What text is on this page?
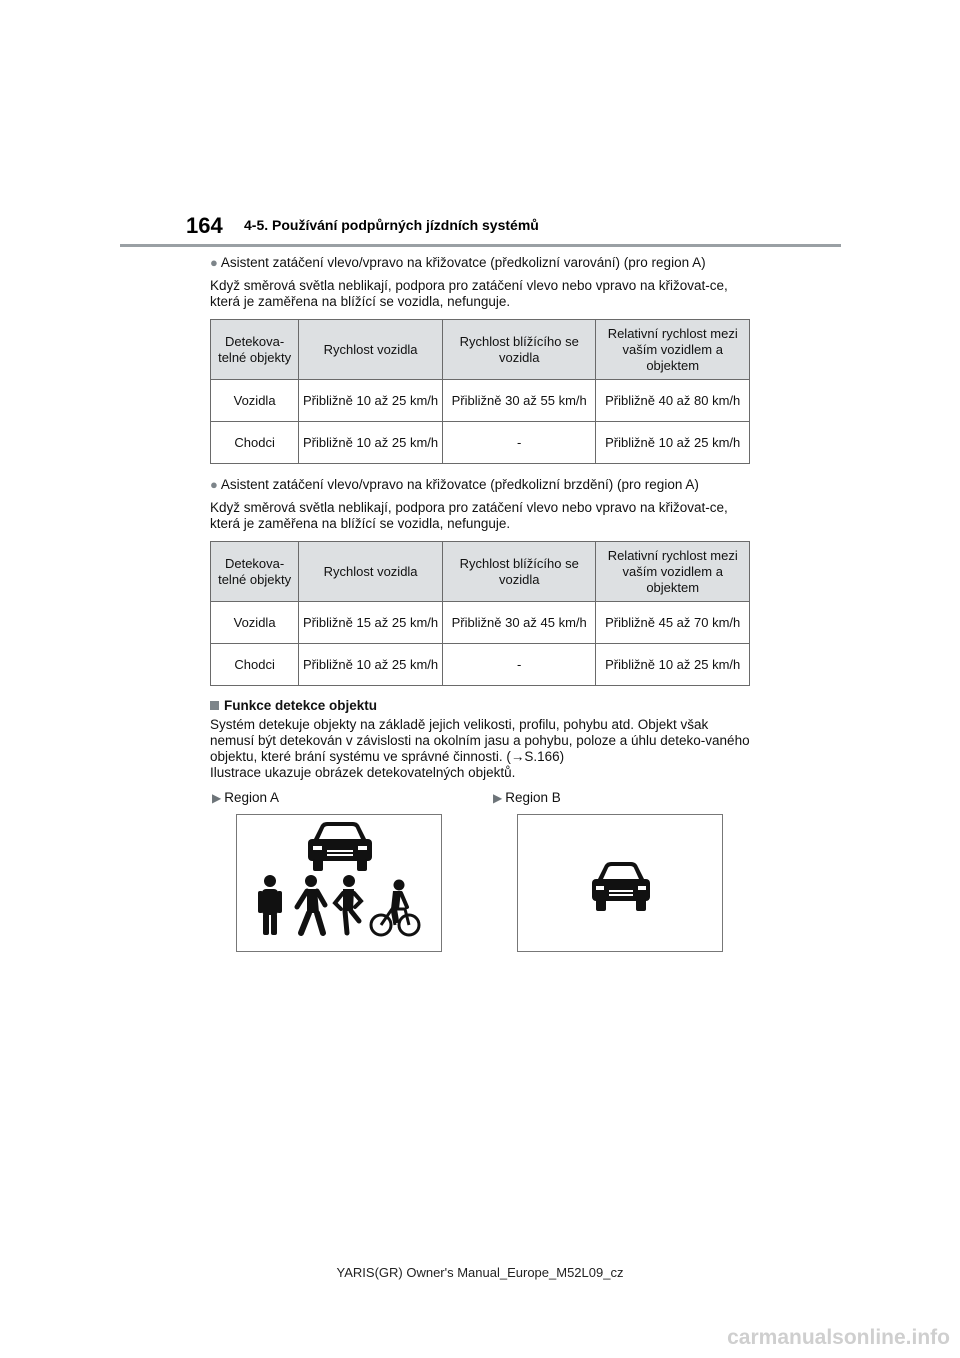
164 4-5. Používání podpůrných jízdních systémů

● Asistent zatáčení vlevo/vpravo na křižovatce (předkolizní varování) (pro region A)

Když směrová světla neblikají, podpora pro zatáčení vlevo nebo vpravo na křižovat-ce, která je zaměřena na blížící se vozidla, nefunguje.

Detekova-telné objekty	Rychlost vozidla	Rychlost blížícího se vozidla	Relativní rychlost mezi vaším vozidlem a objektem
Vozidla	Přibližně 10 až 25 km/h	Přibližně 30 až 55 km/h	Přibližně 40 až 80 km/h
Chodci	Přibližně 10 až 25 km/h	-	Přibližně 10 až 25 km/h

● Asistent zatáčení vlevo/vpravo na křižovatce (předkolizní brzdění) (pro region A)

Když směrová světla neblikají, podpora pro zatáčení vlevo nebo vpravo na křižovat-ce, která je zaměřena na blížící se vozidla, nefunguje.

Detekova-telné objekty	Rychlost vozidla	Rychlost blížícího se vozidla	Relativní rychlost mezi vaším vozidlem a objektem
Vozidla	Přibližně 15 až 25 km/h	Přibližně 30 až 45 km/h	Přibližně 45 až 70 km/h
Chodci	Přibližně 10 až 25 km/h	-	Přibližně 10 až 25 km/h
Funkce detekce objektu

Systém detekuje objekty na základě jejich velikosti, profilu, pohybu atd. Objekt však nemusí být detekován v závislosti na okolním jasu a pohybu, poloze a úhlu deteko-vaného objektu, které brání systému ve správné činnosti. (→S.166)

Ilustrace ukazuje obrázek detekovatelných objektů.

▶ Region A	▶ Region B
YARIS(GR) Owner's Manual_Europe_M52L09_cz
carmanualsonline.info
